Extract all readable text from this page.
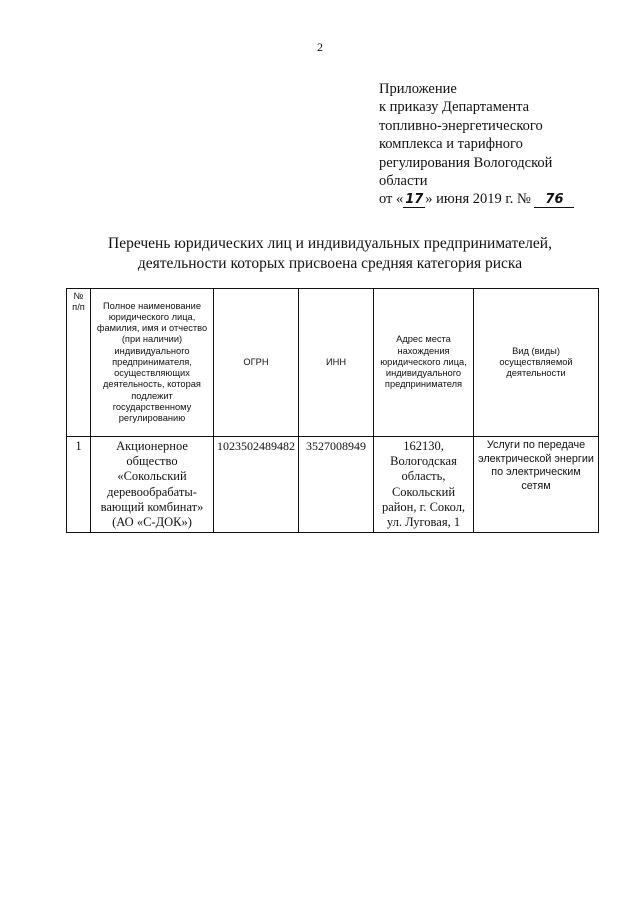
2
Приложение
к приказу Департамента
топливно-энергетического
комплекса и тарифного
регулирования Вологодской
области
от « 17 » июня 2019 г. № 76
Перечень юридических лиц и индивидуальных предпринимателей,
деятельности которых присвоена средняя категория риска
№ п/п	Полное наименование юридического лица, фамилия, имя и отчество (при наличии) индивидуального предпринимателя, осуществляющих деятельность, которая подлежит государственному регулированию	ОГРН	ИНН	Адрес места нахождения юридического лица, индивидуального предпринимателя	Вид (виды) осуществляемой деятельности
1	Акционерное общество «Сокольский деревообрабаты-вающий комбинат» (АО «С-ДОК»)	1023502489482	3527008949	162130, Вологодская область, Сокольский район, г. Сокол, ул. Луговая, 1	Услуги по передаче электрической энергии по электрическим сетям
